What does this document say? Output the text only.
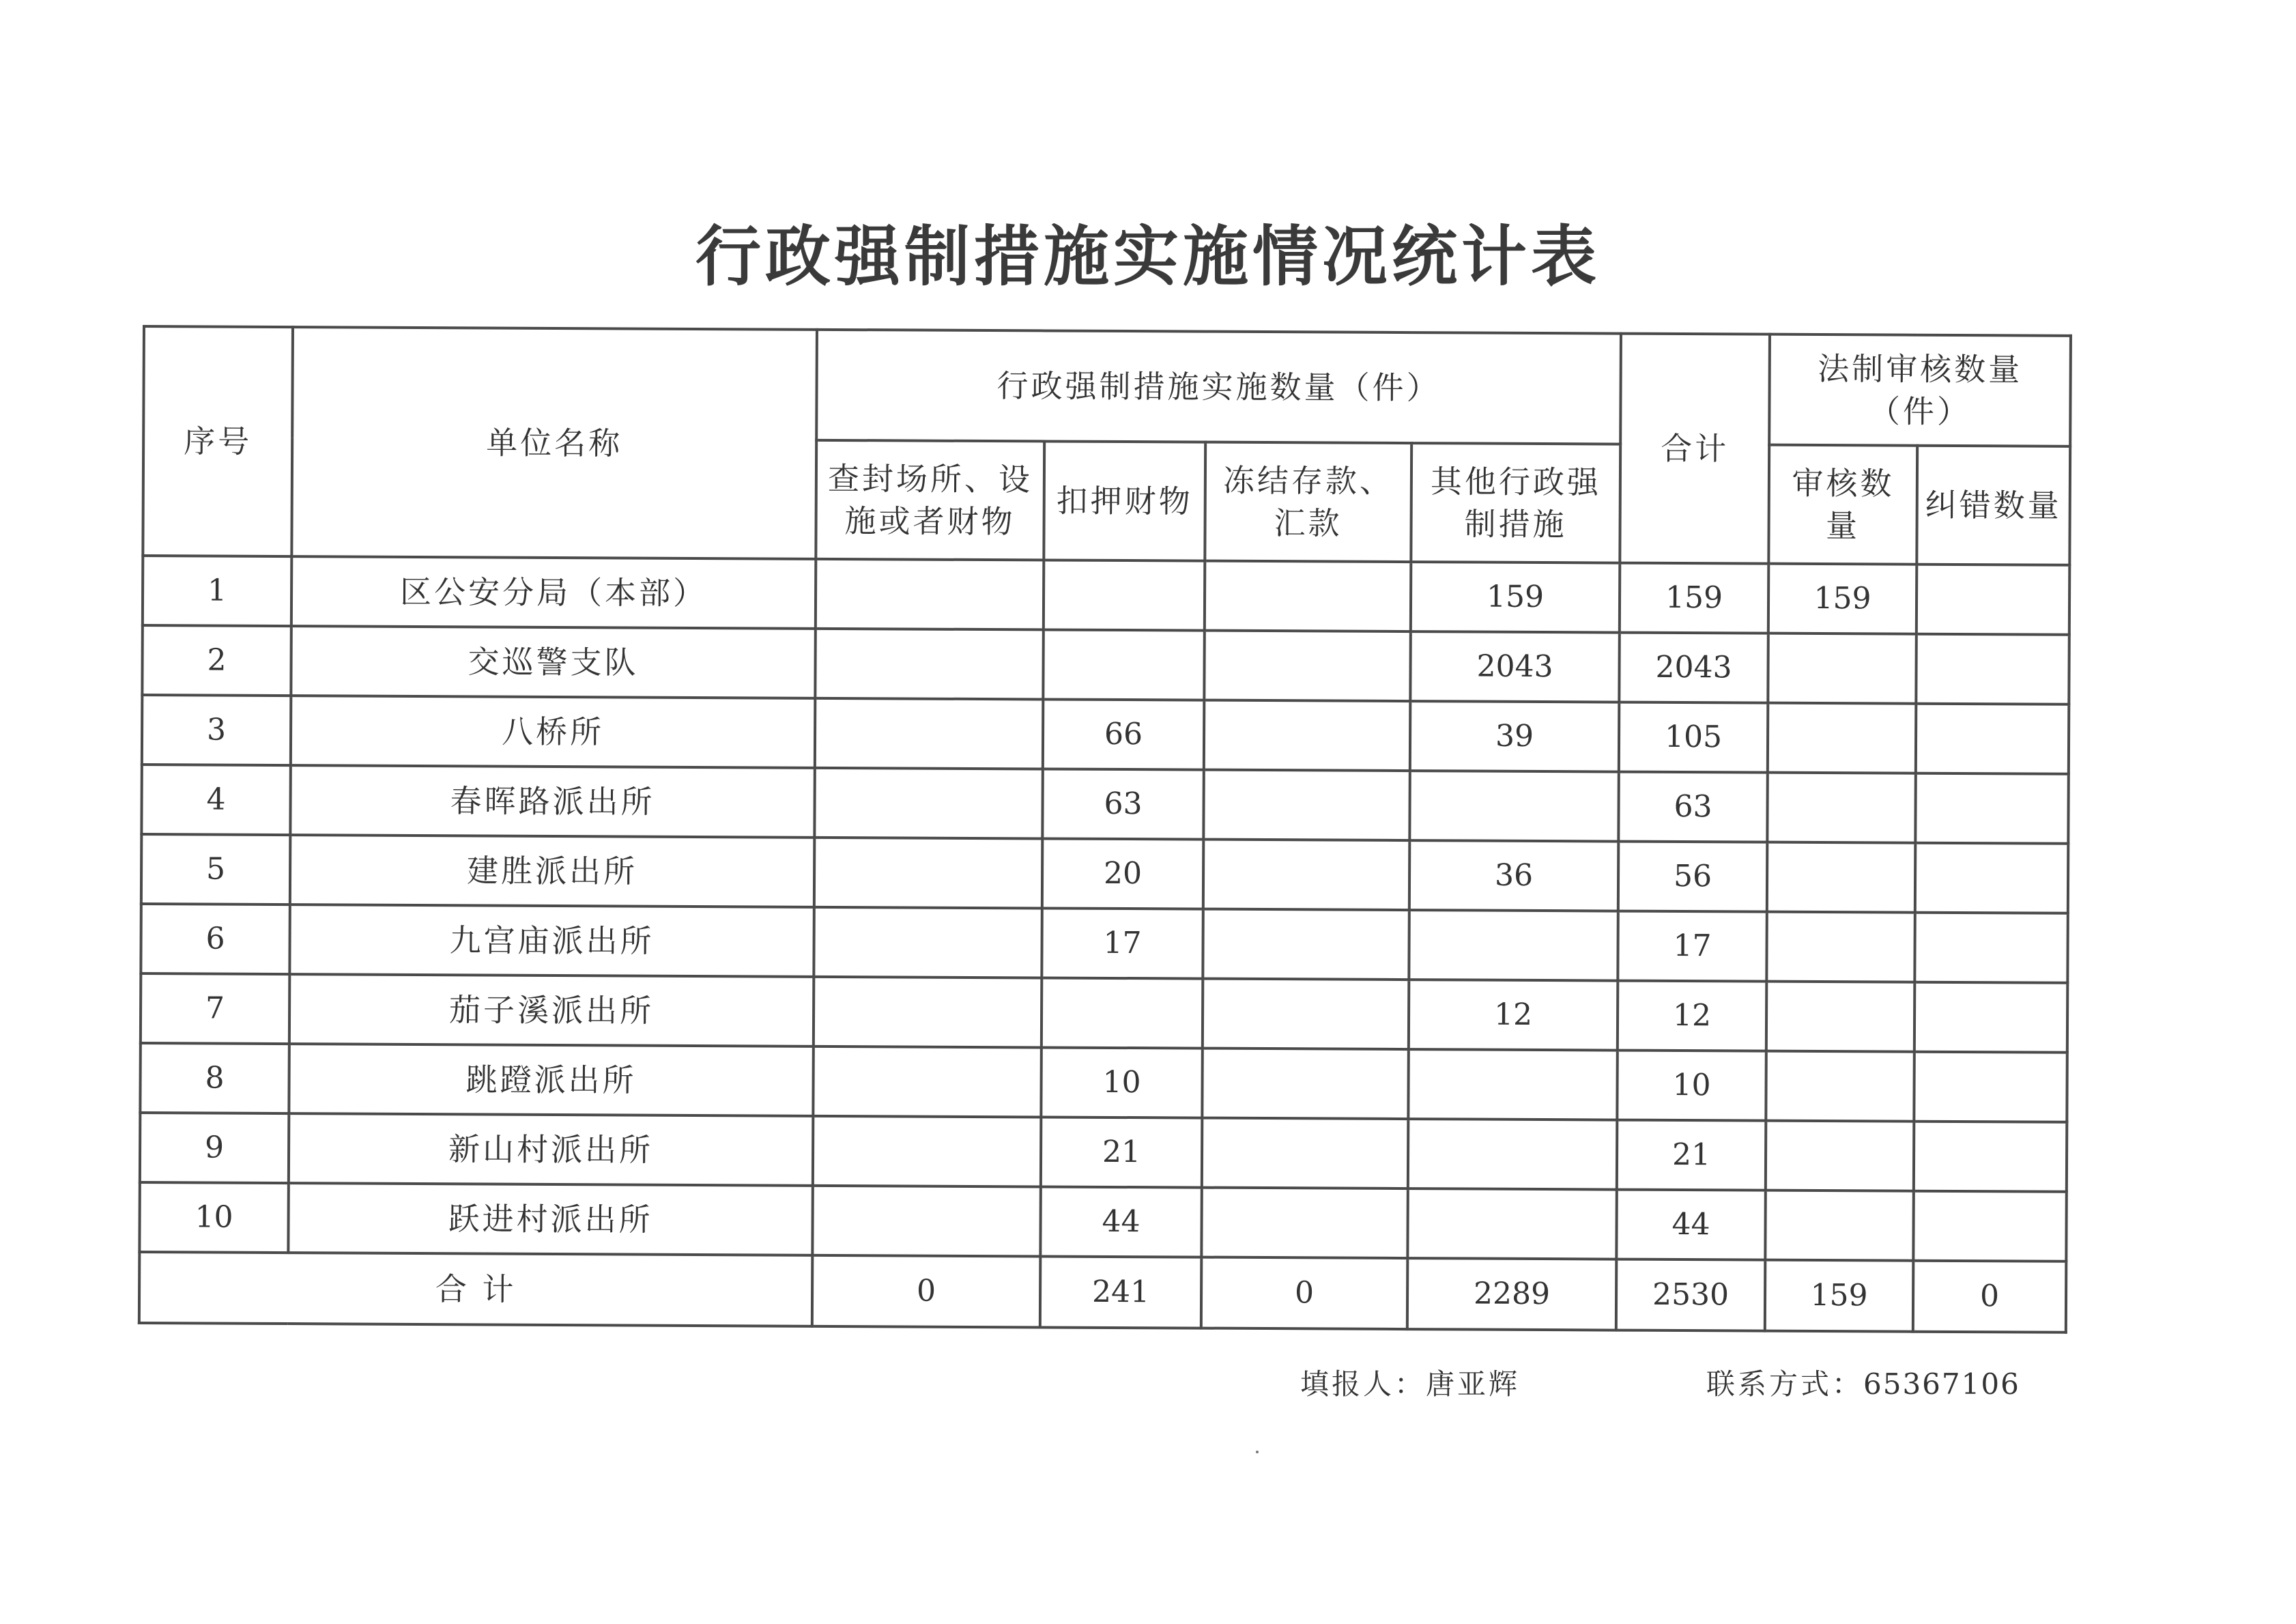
行政强制措施实施情况统计表
序号	单位名称	行政强制措施实施数量（件）				合计	法制审核数量（件）	
		查封场所、设施或者财物	扣押财物	冻结存款、汇款	其他行政强制措施		审核数量	纠错数量
1	区公安分局（本部）				159	159	159	
2	交巡警支队				2043	2043		
3	八桥所		66		39	105		
4	春晖路派出所		63			63		
5	建胜派出所		20		36	56		
6	九宫庙派出所		17			17		
7	茄子溪派出所				12	12		
8	跳蹬派出所		10			10		
9	新山村派出所		21			21		
10	跃进村派出所		44			44		
合 计		0	241	0	2289	2530	159	0
填报人：唐亚辉	联系方式：65367106
